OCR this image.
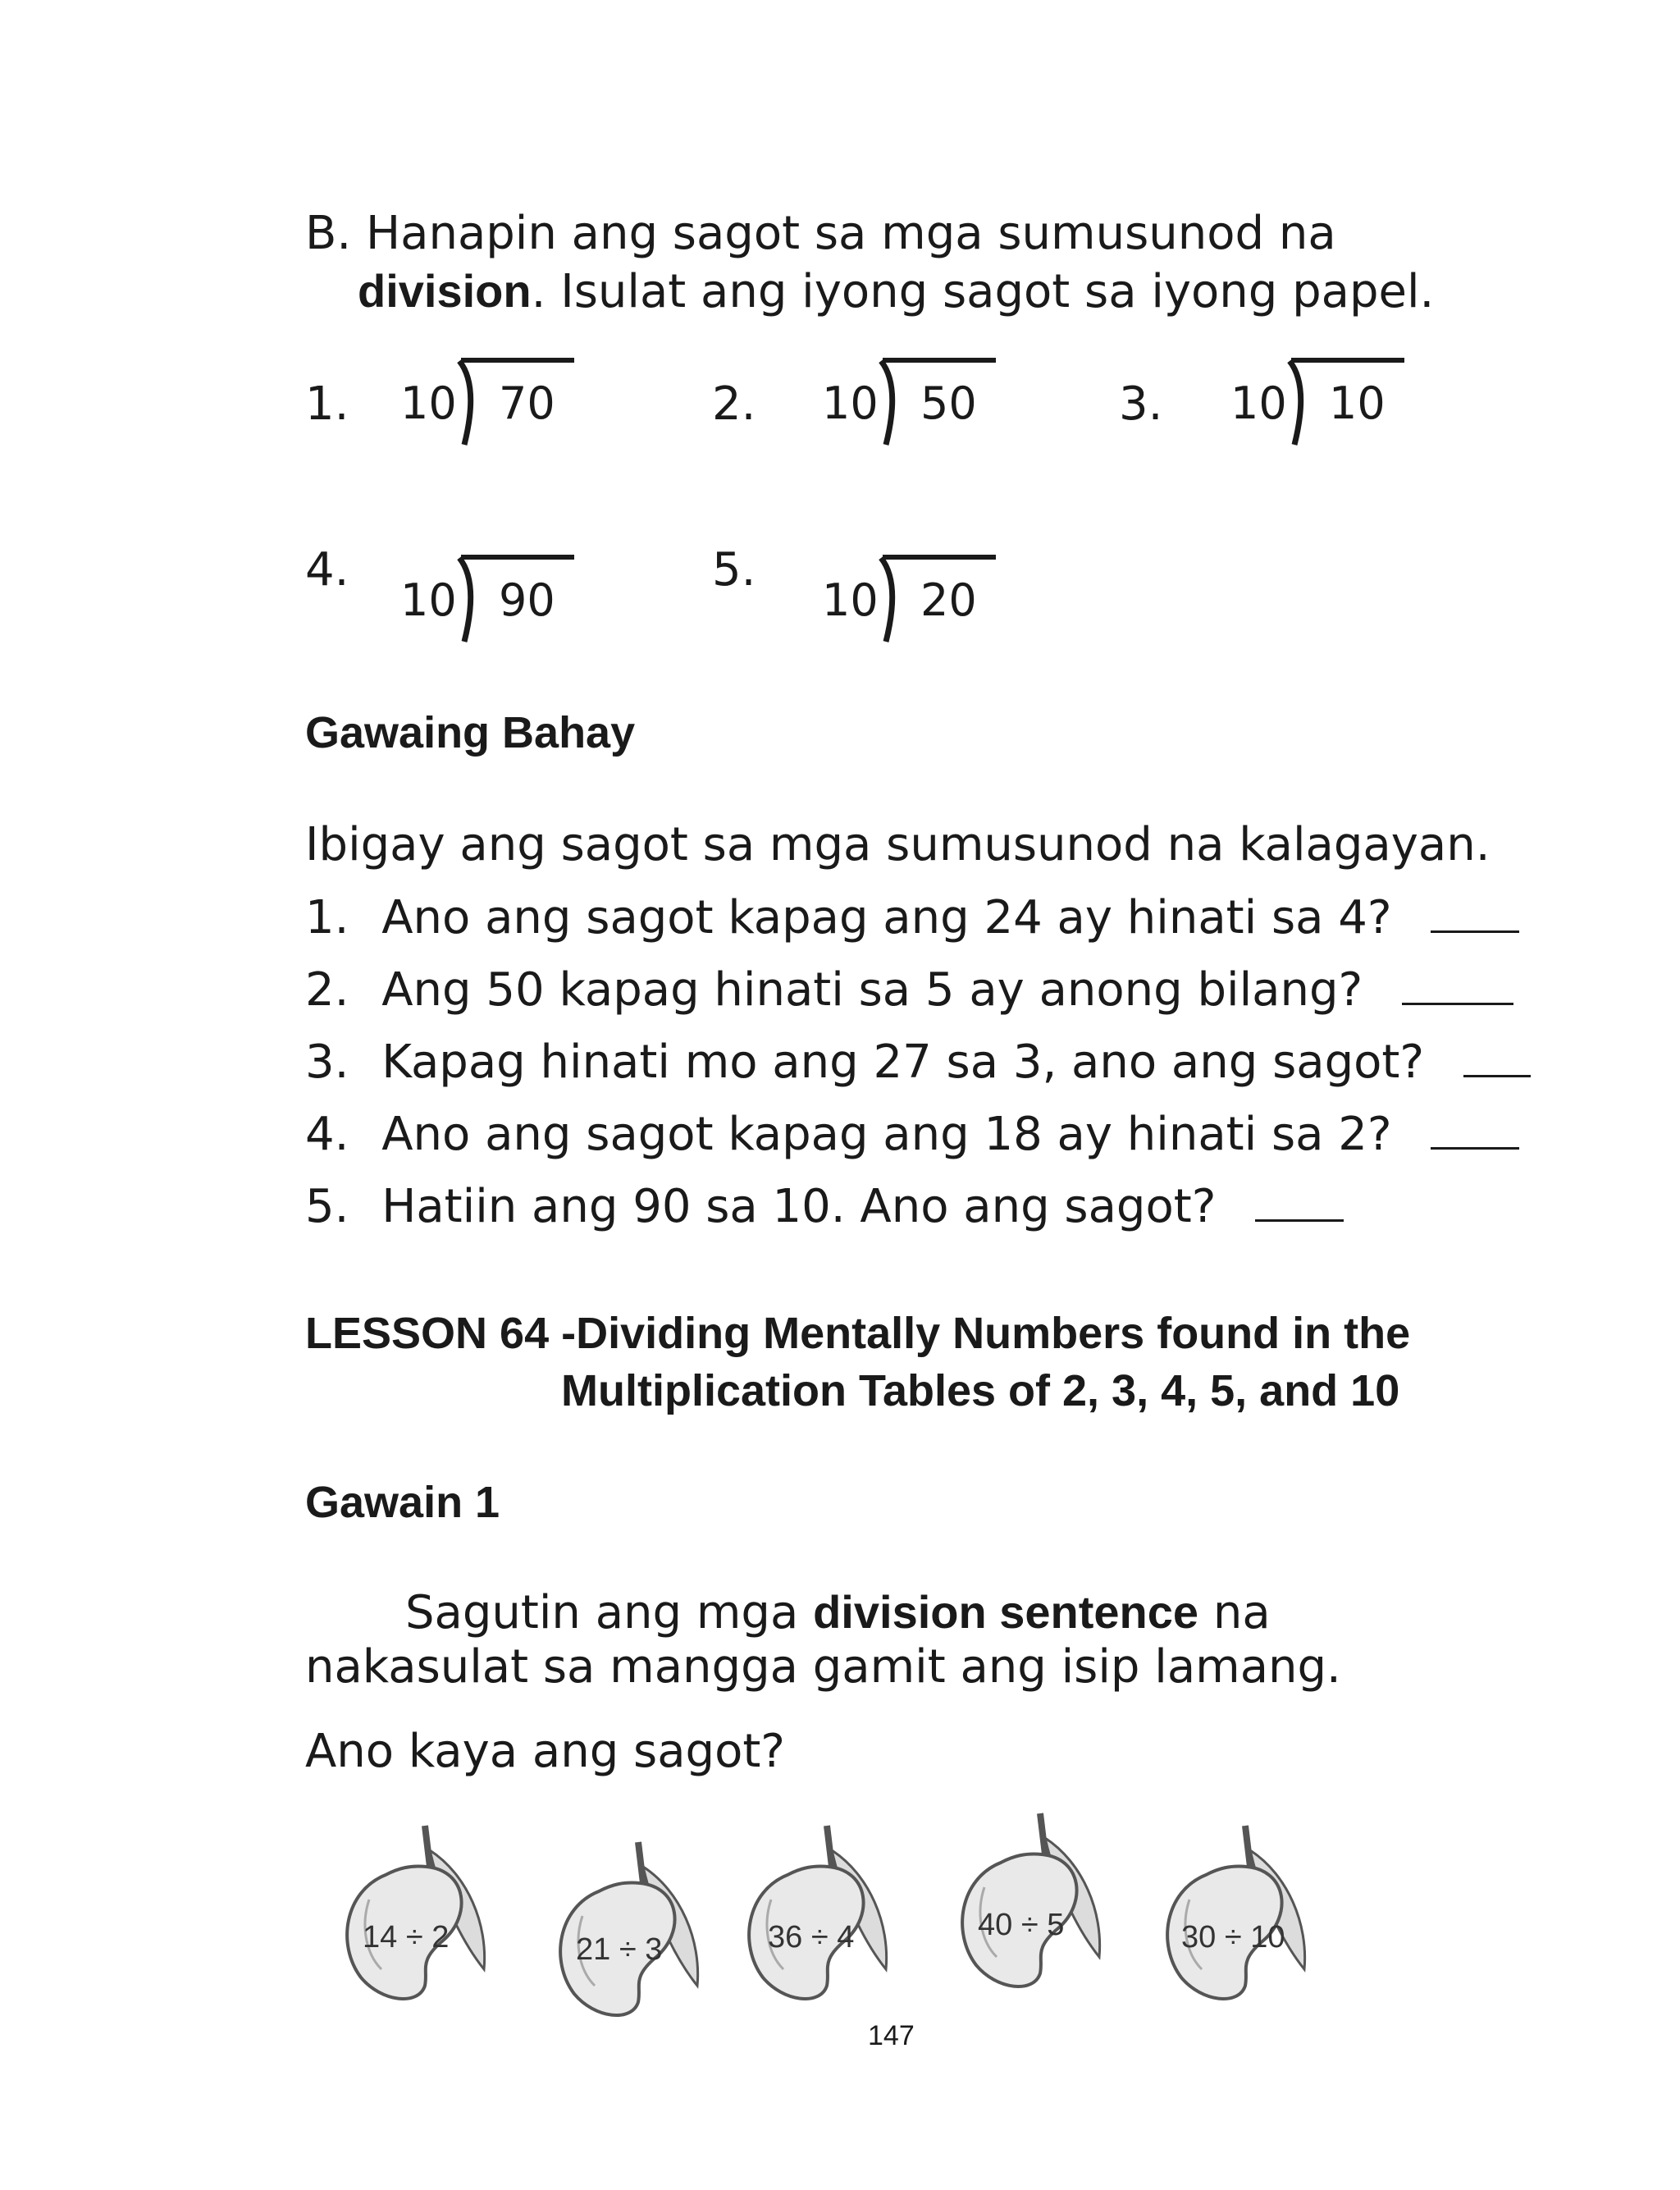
B. Hanapin ang sagot sa mga sumusunod na
division. Isulat ang iyong sagot sa iyong papel.
1.	2.	3.
4.	5.
10 70	10 50	10 10
10 90	10 20
Gawaing Bahay
Ibigay ang sagot sa mga sumusunod na kalagayan.
1. Ano ang sagot kapag ang 24 ay hinati sa 4?
2. Ang 50 kapag hinati sa 5 ay anong bilang?
3. Kapag hinati mo ang 27 sa 3, ano ang sagot?
4. Ano ang sagot kapag ang 18 ay hinati sa 2?
5. Hatiin ang 90 sa 10. Ano ang sagot?
LESSON 64 -Dividing Mentally Numbers found in the
Multiplication Tables of 2, 3, 4, 5, and 10
Gawain 1
Sagutin ang mga division sentence na
nakasulat sa mangga gamit ang isip lamang.
Ano kaya ang sagot?
14 ÷ 2	21 ÷ 3	36 ÷ 4	40 ÷ 5	30 ÷ 10
147
